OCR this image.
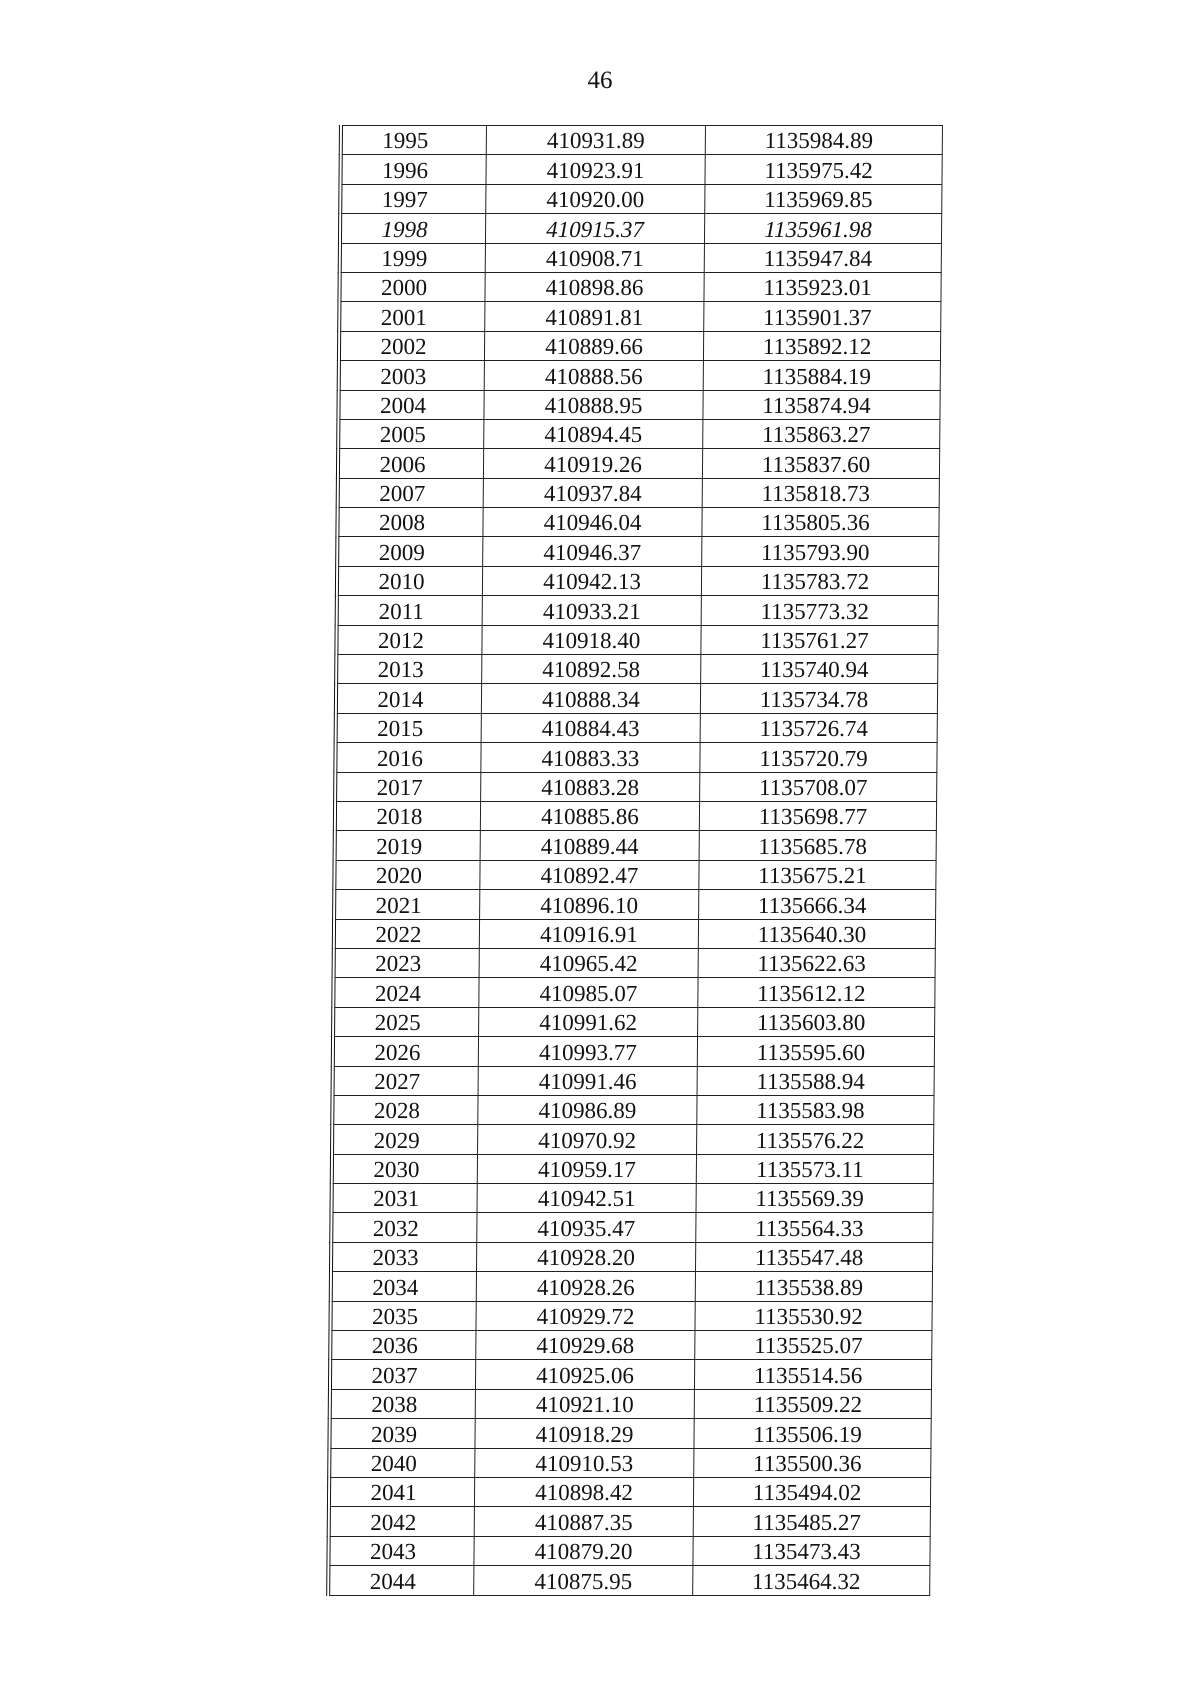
46
1995	410931.89	1135984.89
1996	410923.91	1135975.42
1997	410920.00	1135969.85
1998	410915.37	1135961.98
1999	410908.71	1135947.84
2000	410898.86	1135923.01
2001	410891.81	1135901.37
2002	410889.66	1135892.12
2003	410888.56	1135884.19
2004	410888.95	1135874.94
2005	410894.45	1135863.27
2006	410919.26	1135837.60
2007	410937.84	1135818.73
2008	410946.04	1135805.36
2009	410946.37	1135793.90
2010	410942.13	1135783.72
2011	410933.21	1135773.32
2012	410918.40	1135761.27
2013	410892.58	1135740.94
2014	410888.34	1135734.78
2015	410884.43	1135726.74
2016	410883.33	1135720.79
2017	410883.28	1135708.07
2018	410885.86	1135698.77
2019	410889.44	1135685.78
2020	410892.47	1135675.21
2021	410896.10	1135666.34
2022	410916.91	1135640.30
2023	410965.42	1135622.63
2024	410985.07	1135612.12
2025	410991.62	1135603.80
2026	410993.77	1135595.60
2027	410991.46	1135588.94
2028	410986.89	1135583.98
2029	410970.92	1135576.22
2030	410959.17	1135573.11
2031	410942.51	1135569.39
2032	410935.47	1135564.33
2033	410928.20	1135547.48
2034	410928.26	1135538.89
2035	410929.72	1135530.92
2036	410929.68	1135525.07
2037	410925.06	1135514.56
2038	410921.10	1135509.22
2039	410918.29	1135506.19
2040	410910.53	1135500.36
2041	410898.42	1135494.02
2042	410887.35	1135485.27
2043	410879.20	1135473.43
2044	410875.95	1135464.32
